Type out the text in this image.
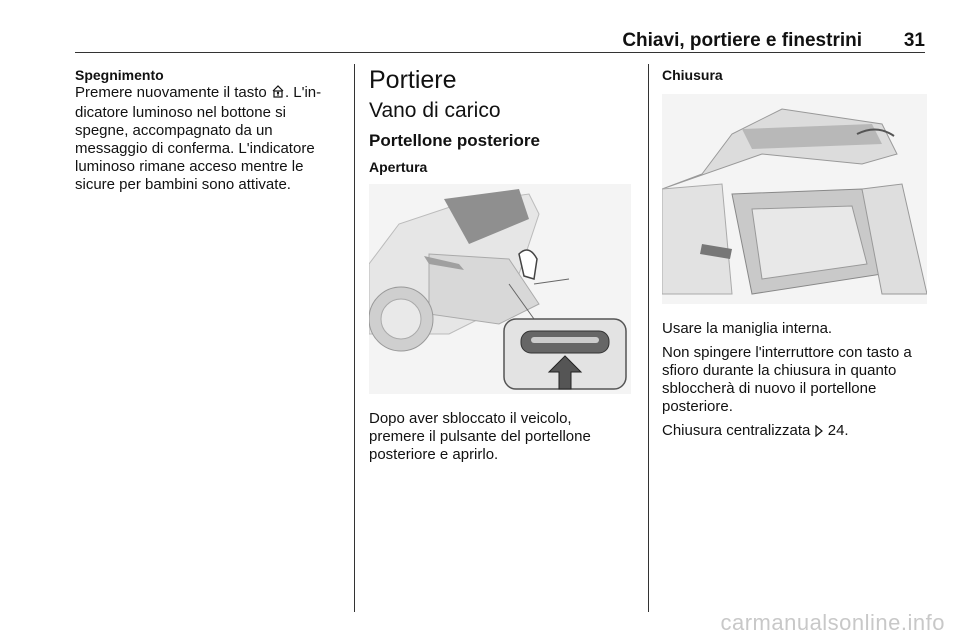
Chiavi, portiere e finestrini 31
Spegnimento

Premere nuovamente il tasto . L'in-dicatore luminoso nel bottone si spegne, accompagnato da un messaggio di conferma. L'indicatore luminoso rimane acceso mentre le sicure per bambini sono attivate.

Portiere
Vano di carico
Portellone posteriore
Apertura

Dopo aver sbloccato il veicolo, premere il pulsante del portellone posteriore e aprirlo.

Chiusura

Usare la maniglia interna.

Non spingere l'interruttore con tasto a sfioro durante la chiusura in quanto sbloccherà di nuovo il portellone posteriore.

Chiusura centralizzata 24.

carmanualsonline.info
